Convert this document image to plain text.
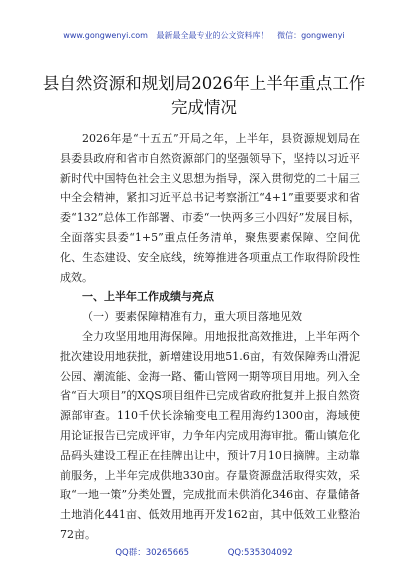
www.gongwenyi.com 最新最全最专业的公文资料库！ 微信：gongwenyi
县自然资源和规划局2026年上半年重点工作
完成情况

2026年是“十五五”开局之年，上半年，县资源规划局在县委县政府和省市自然资源部门的坚强领导下，坚持以习近平新时代中国特色社会主义思想为指导，深入贯彻党的二十届三中全会精神，紧扣习近平总书记考察浙江“4+1”重要要求和省委“132”总体工作部署、市委“一快两多三小四好”发展目标，全面落实县委“1+5”重点任务清单，聚焦要素保障、空间优化、生态建设、安全底线，统筹推进各项重点工作取得阶段性成效。

一、上半年工作成绩与亮点
（一）要素保障精准有力，重大项目落地见效

全力攻坚用地用海保障。用地报批高效推进，上半年两个批次建设用地获批，新增建设用地51.6亩，有效保障秀山滑泥公园、潮流能、金海一路、衢山管网一期等项目用地。列入全省“百大项目”的XQS项目组件已完成省政府批复并上报自然资源部审查。110千伏长涂输变电工程用海约1300亩，海域使用论证报告已完成评审，力争年内完成用海审批。衢山镇危化品码头建设工程正在挂牌出让中，预计7月10日摘牌。主动靠前服务，上半年完成供地330亩。存量资源盘活取得实效，采取“一地一策”分类处置，完成批而未供消化346亩、存量储备土地消化441亩、低效用地再开发162亩，其中低效工业整治72亩。

QQ群：30265665	QQ:535304092
